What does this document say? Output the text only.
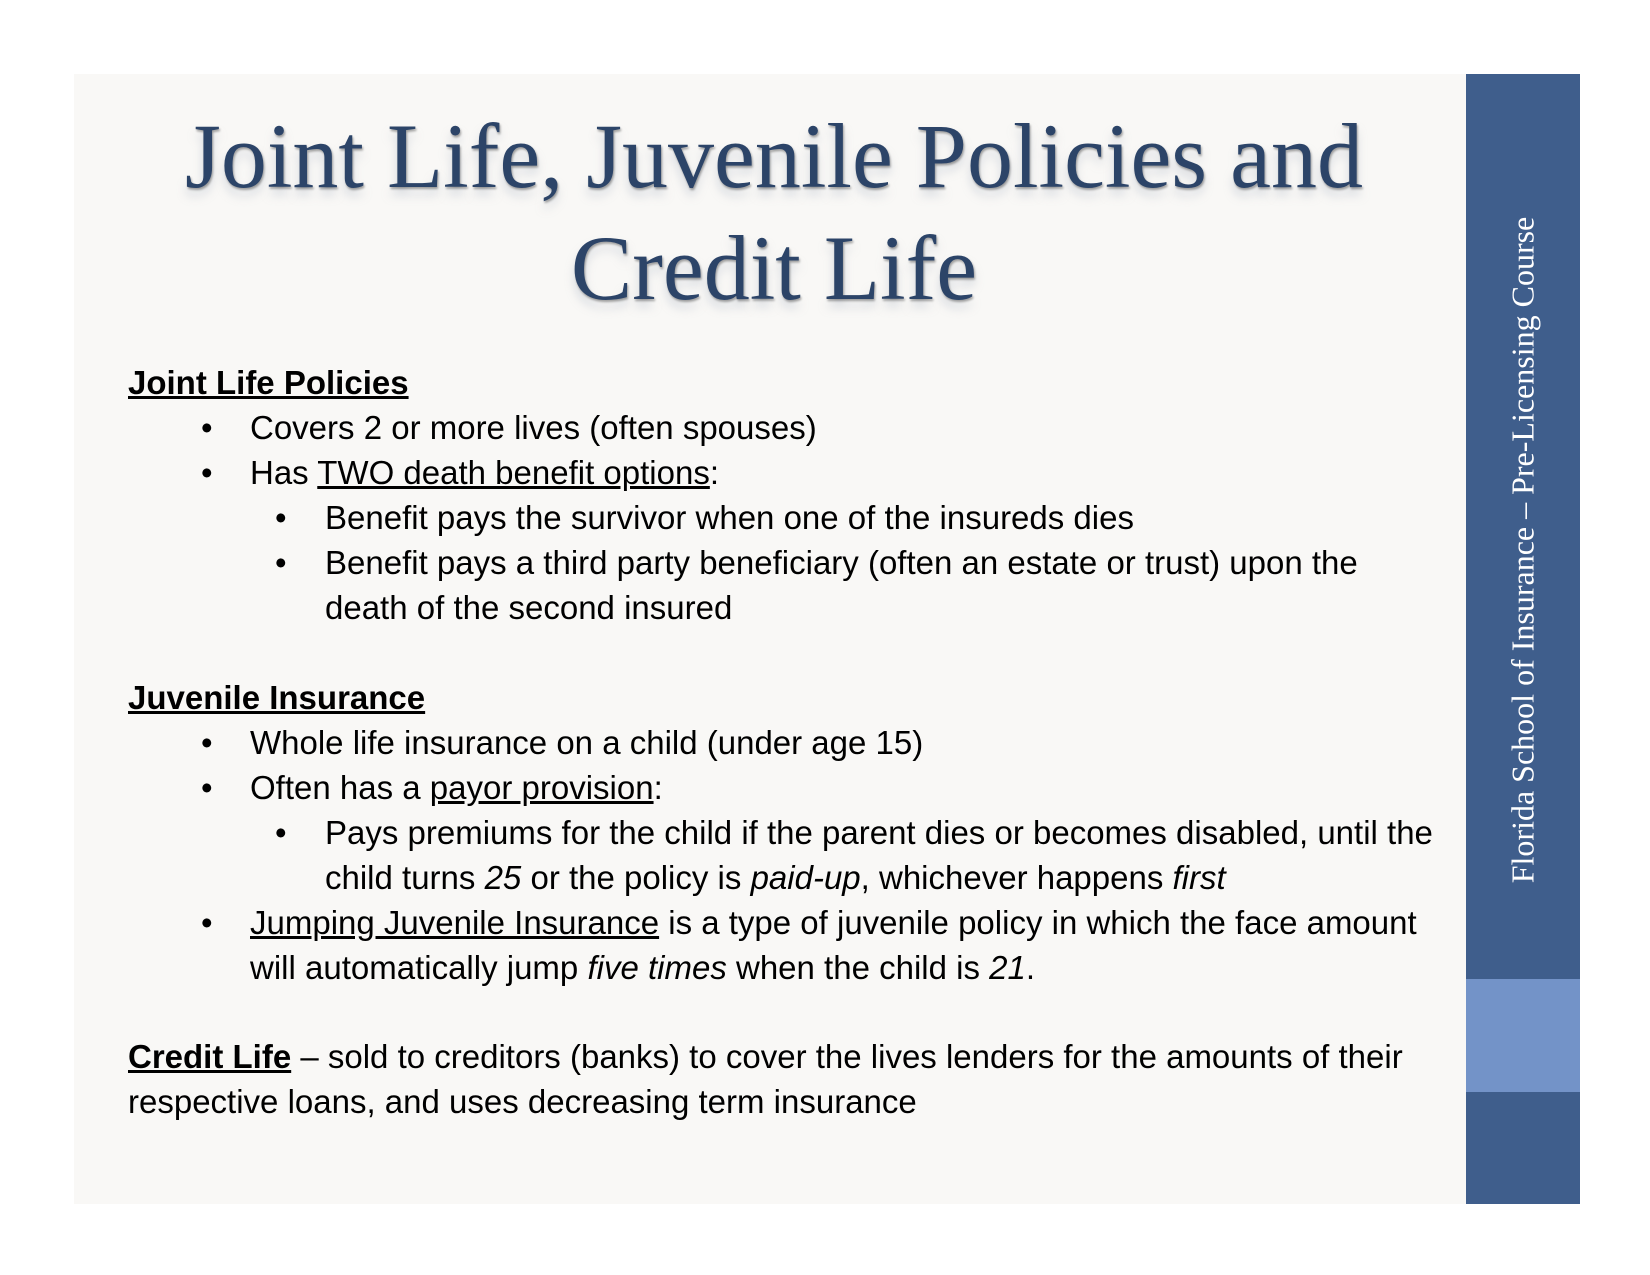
Florida School of Insurance – Pre-Licensing Course
Joint Life, Juvenile Policies and
Credit Life
Joint Life Policies
• Covers 2 or more lives (often spouses)
• Has TWO death benefit options:
• Benefit pays the survivor when one of the insureds dies
• Benefit pays a third party beneficiary (often an estate or trust) upon the death of the second insured
Juvenile Insurance
• Whole life insurance on a child (under age 15)
• Often has a payor provision:
• Pays premiums for the child if the parent dies or becomes disabled, until the child turns 25 or the policy is paid-up, whichever happens first
• Jumping Juvenile Insurance is a type of juvenile policy in which the face amount will automatically jump five times when the child is 21.
Credit Life – sold to creditors (banks) to cover the lives lenders for the amounts of their respective loans, and uses decreasing term insurance
